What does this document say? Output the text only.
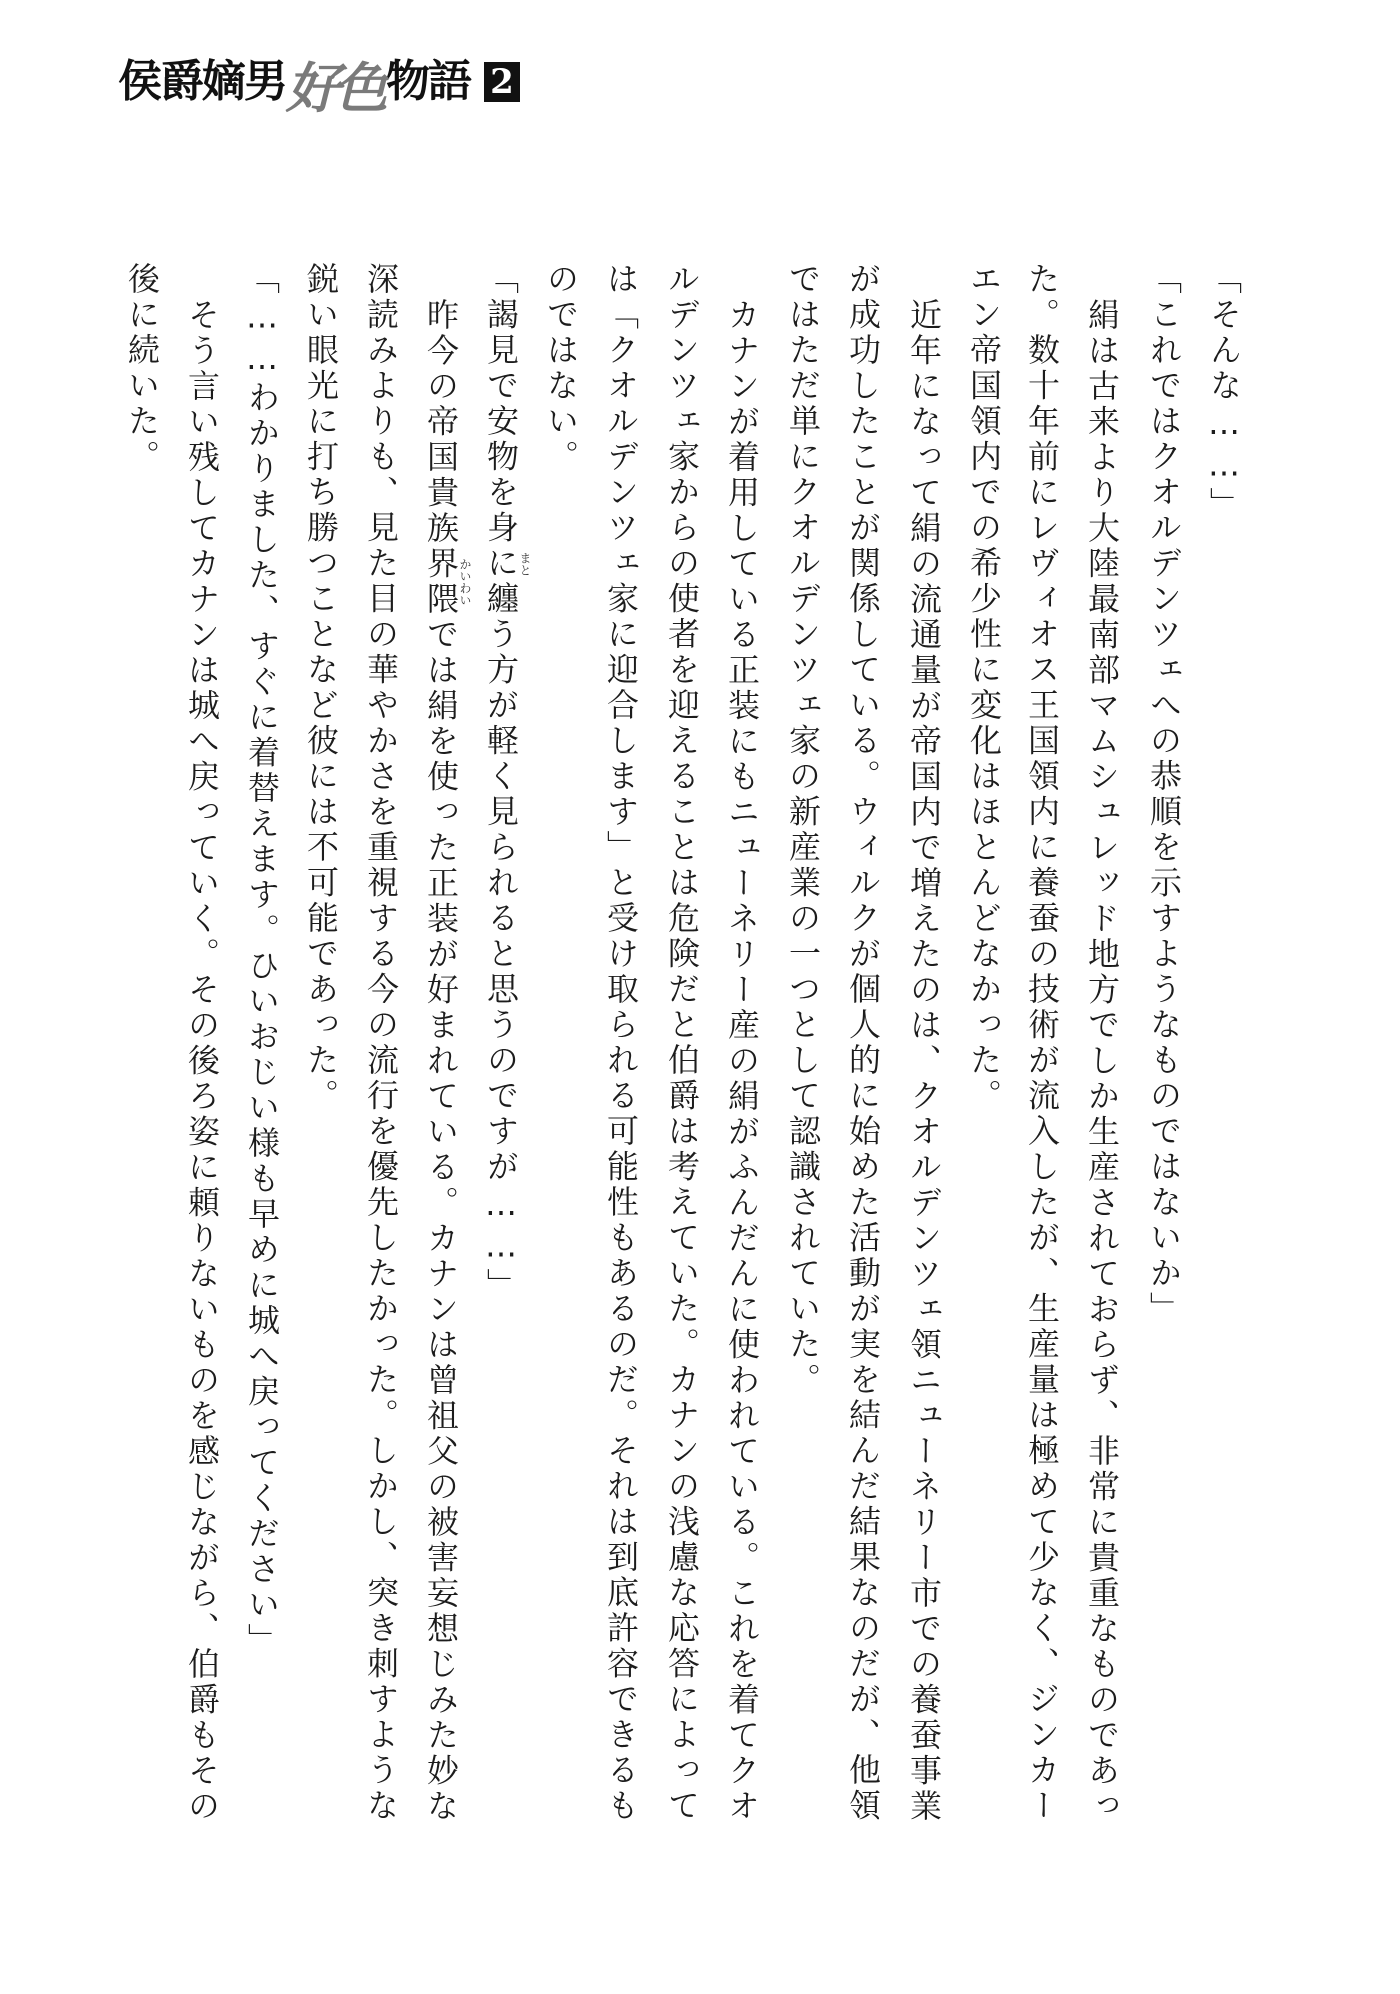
侯爵嫡男 好色 物語 2
「そんな……」
「これではクオルデンツェへの恭順を示すようなものではないか」
絹は古来より大陸最南部マムシュレッド地方でしか生産されておらず、非常に貴重なものであっ
た。数十年前にレヴィオス王国領内に養蚕の技術が流入したが、生産量は極めて少なく、ジンカー
エン帝国領内での希少性に変化はほとんどなかった。
近年になって絹の流通量が帝国内で増えたのは、クオルデンツェ領ニューネリー市での養蚕事業
が成功したことが関係している。ウィルクが個人的に始めた活動が実を結んだ結果なのだが、他領
ではただ単にクオルデンツェ家の新産業の一つとして認識されていた。
カナンが着用している正装にもニューネリー産の絹がふんだんに使われている。これを着てクオ
ルデンツェ家からの使者を迎えることは危険だと伯爵は考えていた。カナンの浅慮な応答によって
は「クオルデンツェ家に迎合します」と受け取られる可能性もあるのだ。それは到底許容できるも
のではない。
「謁見で安物を身に纏う方が軽く見られると思うのですが……」
まと
昨今の帝国貴族界隈では絹を使った正装が好まれている。カナンは曾祖父の被害妄想じみた妙な
かいわい
深読みよりも、見た目の華やかさを重視する今の流行を優先したかった。しかし、突き刺すような
鋭い眼光に打ち勝つことなど彼には不可能であった。
「……わかりました、すぐに着替えます。ひいおじい様も早めに城へ戻ってください」
そう言い残してカナンは城へ戻っていく。その後ろ姿に頼りないものを感じながら、伯爵もその
後に続いた。
